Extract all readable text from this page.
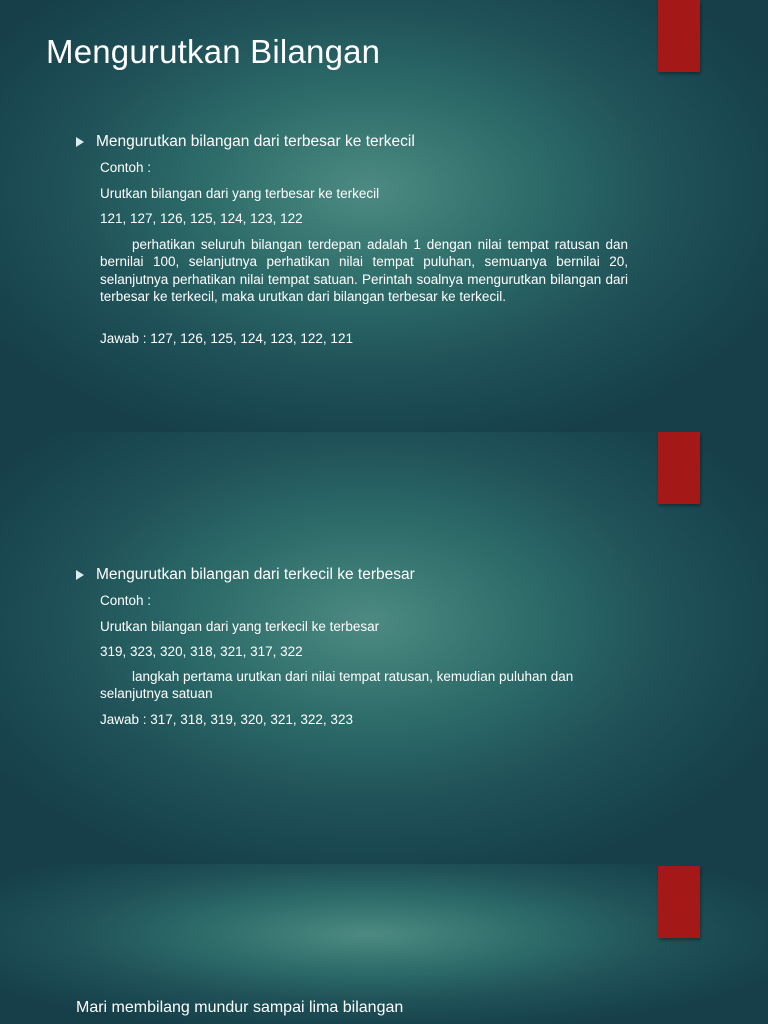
Mengurutkan Bilangan
Mengurutkan bilangan dari terbesar ke terkecil
Contoh :
Urutkan bilangan dari yang terbesar ke terkecil
121, 127, 126, 125, 124, 123, 122
perhatikan seluruh bilangan terdepan adalah 1 dengan nilai tempat ratusan dan bernilai 100, selanjutnya perhatikan nilai tempat puluhan, semuanya bernilai 20, selanjutnya perhatikan nilai tempat satuan. Perintah soalnya mengurutkan bilangan dari terbesar ke terkecil, maka urutkan dari bilangan terbesar ke terkecil.
Jawab : 127, 126, 125, 124, 123, 122, 121
Mengurutkan bilangan dari terkecil ke terbesar
Contoh :
Urutkan bilangan dari yang terkecil ke terbesar
319, 323, 320, 318, 321, 317, 322
langkah pertama urutkan dari nilai tempat ratusan, kemudian puluhan dan selanjutnya satuan
Jawab : 317, 318, 319, 320, 321, 322, 323
Mari membilang mundur sampai lima bilangan
